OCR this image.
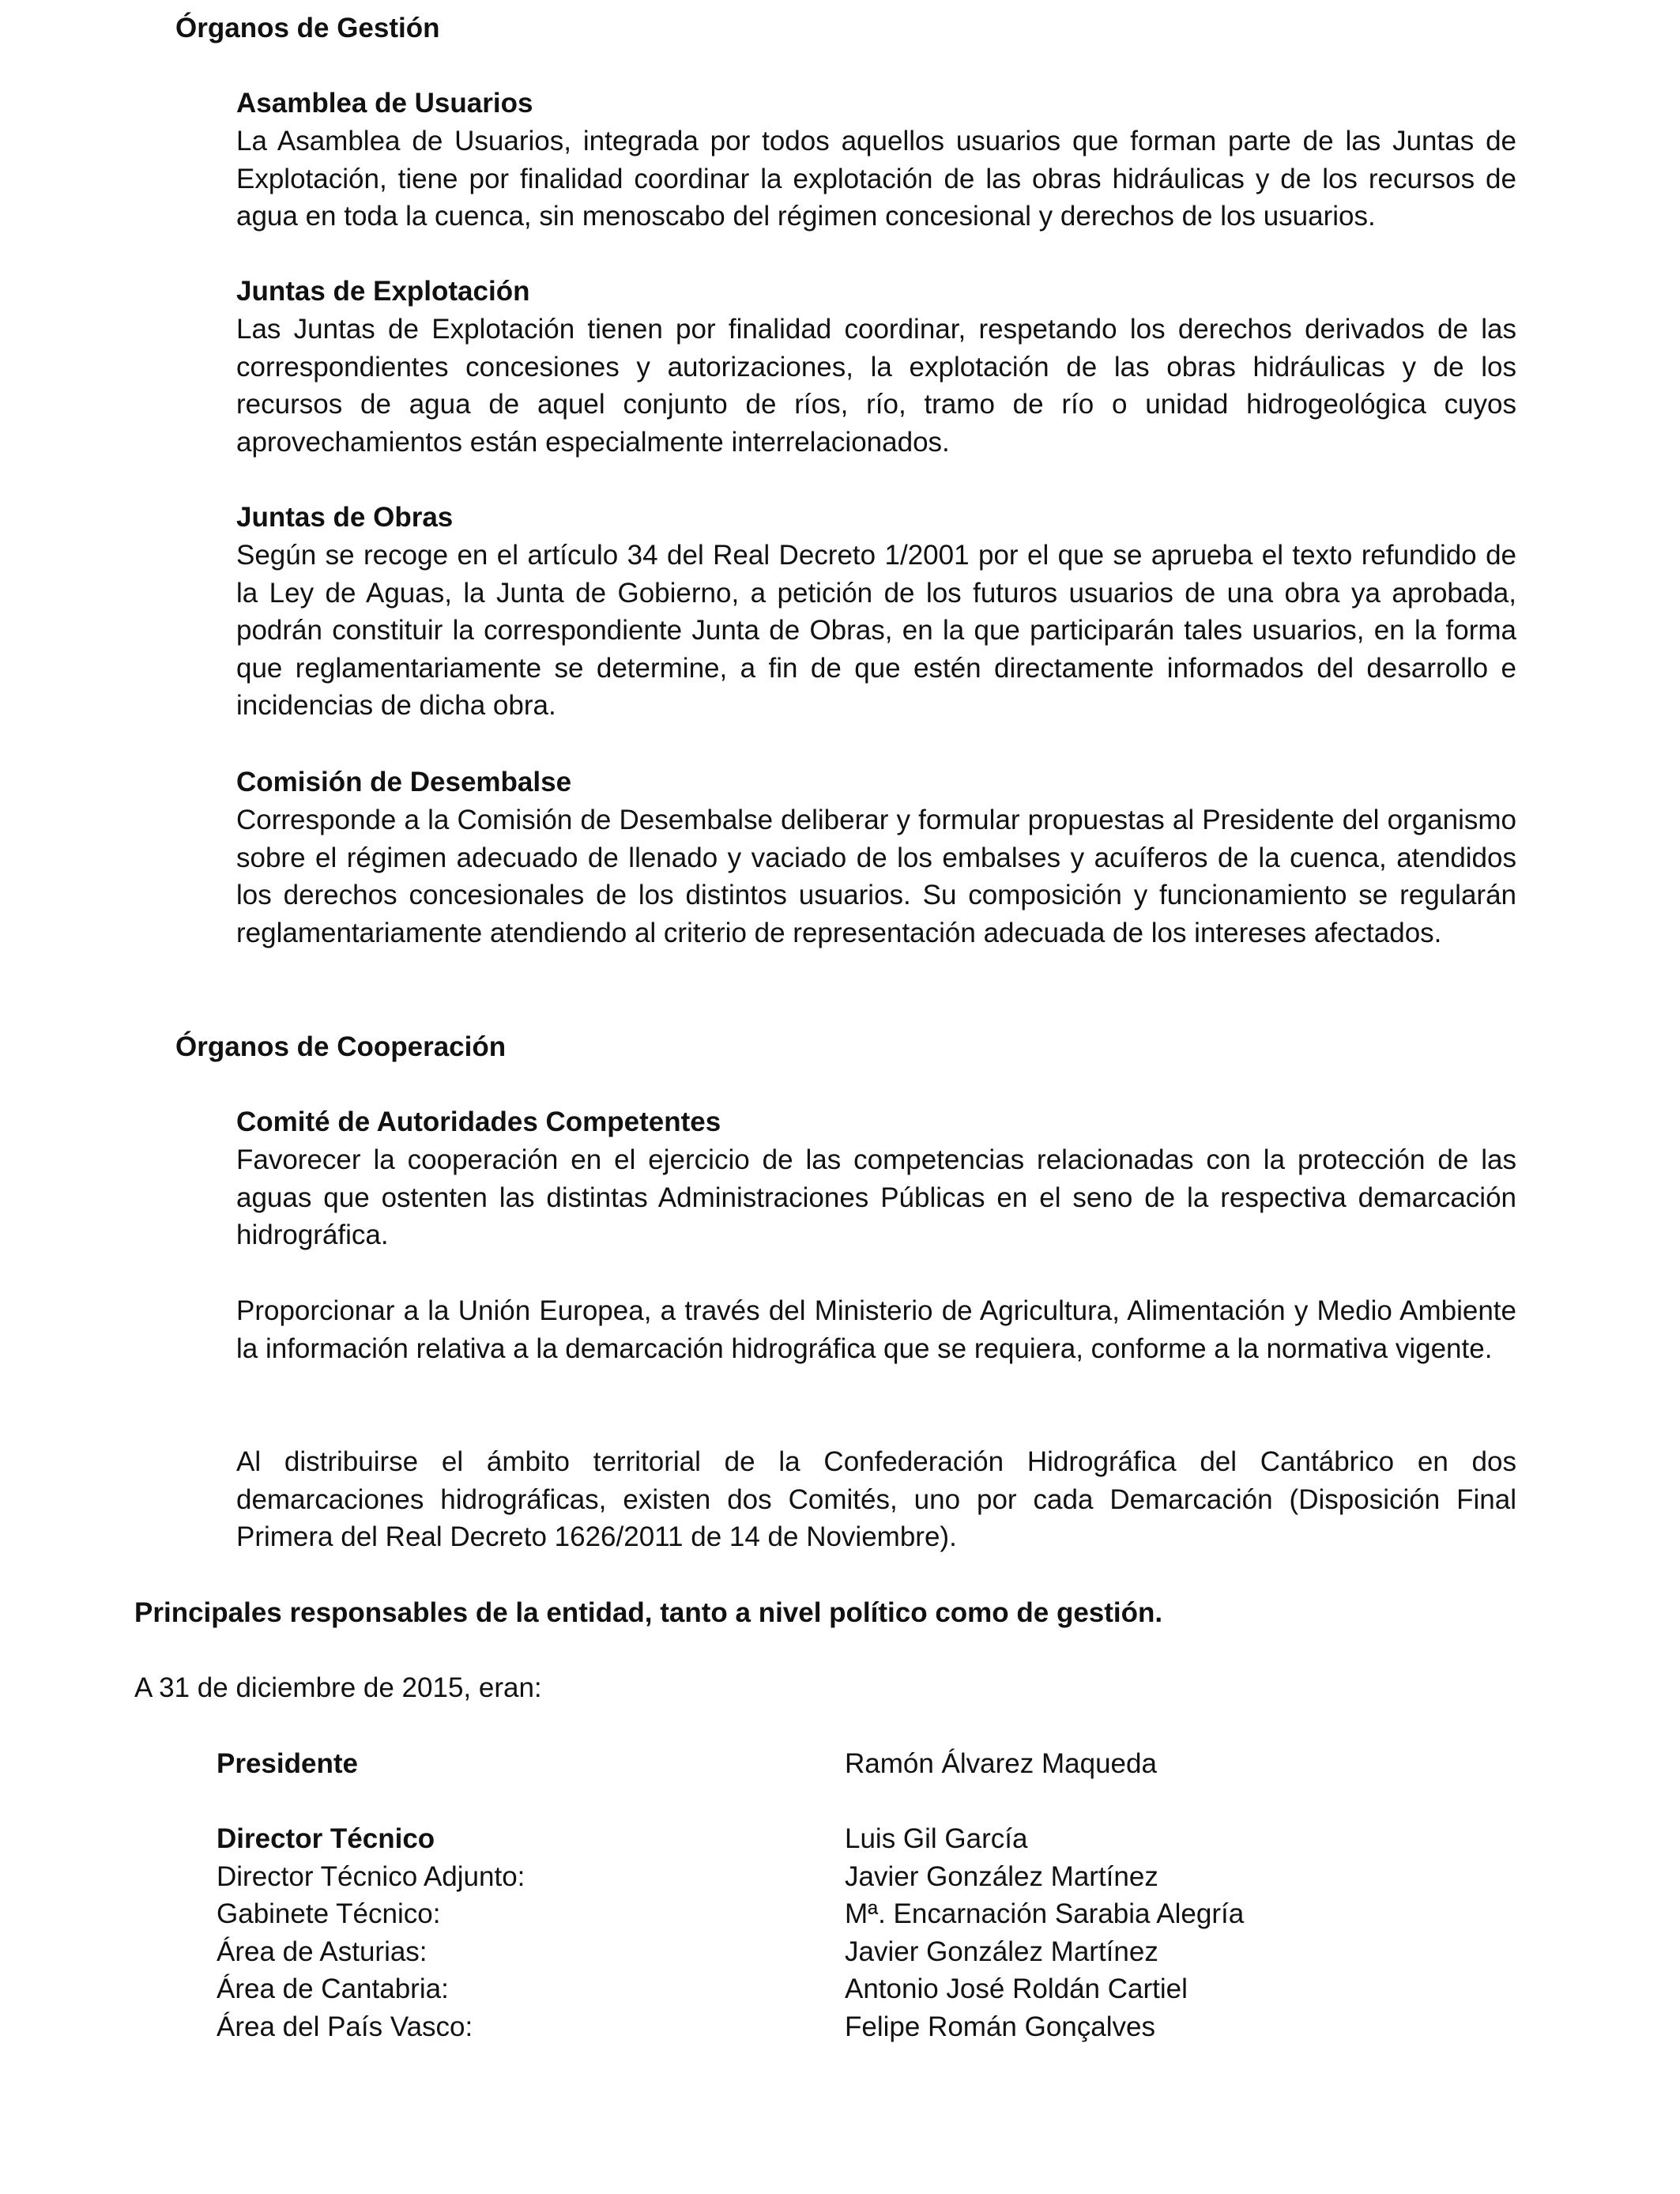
Órganos de Gestión
Asamblea de Usuarios
La Asamblea de Usuarios, integrada por todos aquellos usuarios que forman parte de las Juntas de Explotación, tiene por finalidad coordinar la explotación de las obras hidráulicas y de los recursos de agua en toda la cuenca, sin menoscabo del régimen concesional y derechos de los usuarios.
Juntas de Explotación
Las Juntas de Explotación tienen por finalidad coordinar, respetando los derechos derivados de las correspondientes concesiones y autorizaciones, la explotación de las obras hidráulicas y de los recursos de agua de aquel conjunto de ríos, río, tramo de río o unidad hidrogeológica cuyos aprovechamientos están especialmente interrelacionados.
Juntas de Obras
Según se recoge en el artículo 34 del Real Decreto 1/2001 por el que se aprueba el texto refundido de la Ley de Aguas, la Junta de Gobierno, a petición de los futuros usuarios de una obra ya aprobada, podrán constituir la correspondiente Junta de Obras, en la que participarán tales usuarios, en la forma que reglamentariamente se determine, a fin de que estén directamente informados del desarrollo e incidencias de dicha obra.
Comisión de Desembalse
Corresponde a la Comisión de Desembalse deliberar y formular propuestas al Presidente del organismo sobre el régimen adecuado de llenado y vaciado de los embalses y acuíferos de la cuenca, atendidos los derechos concesionales de los distintos usuarios. Su composición y funcionamiento se regularán reglamentariamente atendiendo al criterio de representación adecuada de los intereses afectados.
Órganos de Cooperación
Comité de Autoridades Competentes
Favorecer la cooperación en el ejercicio de las competencias relacionadas con la protección de las aguas que ostenten las distintas Administraciones Públicas en el seno de la respectiva demarcación hidrográfica.
Proporcionar a la Unión Europea, a través del Ministerio de Agricultura, Alimentación y Medio Ambiente la información relativa a la demarcación hidrográfica que se requiera, conforme a la normativa vigente.
Al distribuirse el ámbito territorial de la Confederación Hidrográfica del Cantábrico en dos demarcaciones hidrográficas, existen dos Comités, uno por cada Demarcación (Disposición Final Primera del Real Decreto 1626/2011 de 14 de Noviembre).
Principales responsables de la entidad, tanto a nivel político como de gestión.
A 31 de diciembre de 2015, eran:
Presidente	Ramón Álvarez Maqueda
Director Técnico	Luis Gil García
Director Técnico Adjunto:	Javier González Martínez
Gabinete Técnico:	Mª. Encarnación Sarabia Alegría
Área de Asturias:	Javier González Martínez
Área de Cantabria:	Antonio José Roldán Cartiel
Área del País Vasco:	Felipe Román Gonçalves
